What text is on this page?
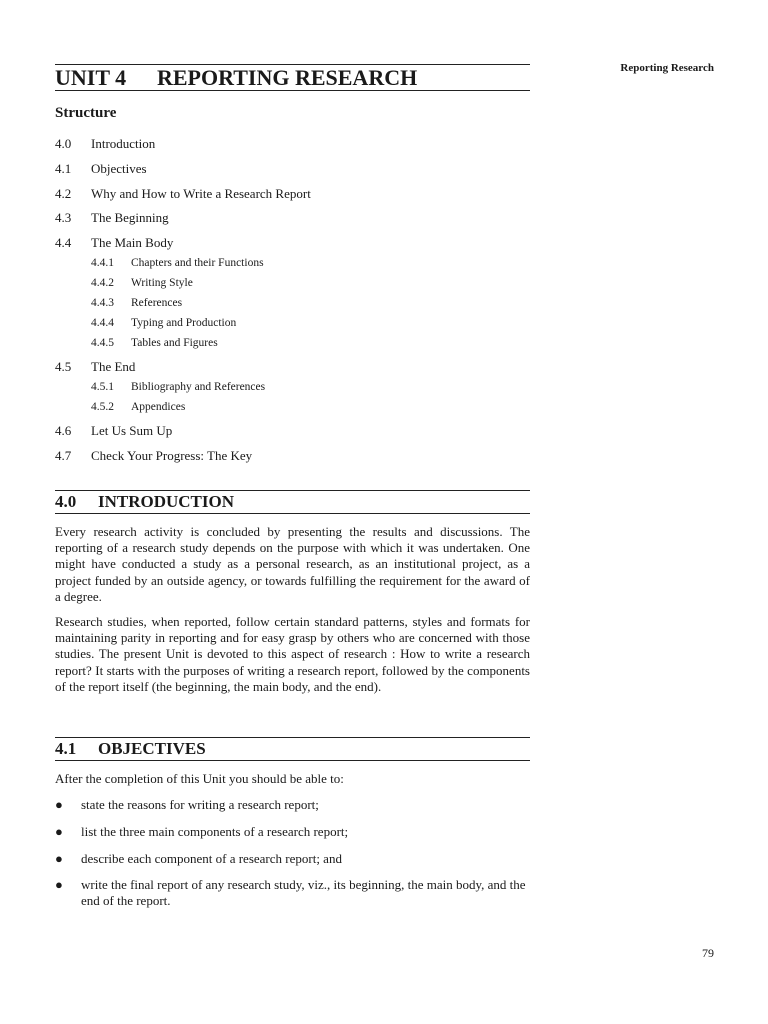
Reporting Research
UNIT 4 REPORTING RESEARCH
Structure
4.0 Introduction
4.1 Objectives
4.2 Why and How to Write a Research Report
4.3 The Beginning
4.4 The Main Body
4.4.1 Chapters and their Functions
4.4.2 Writing Style
4.4.3 References
4.4.4 Typing and Production
4.4.5 Tables and Figures
4.5 The End
4.5.1 Bibliography and References
4.5.2 Appendices
4.6 Let Us Sum Up
4.7 Check Your Progress: The Key
4.0 INTRODUCTION

Every research activity is concluded by presenting the results and discussions. The reporting of a research study depends on the purpose with which it was undertaken. One might have conducted a study as a personal research, as an institutional project, as a project funded by an outside agency, or towards fulfilling the requirement for the award of a degree.

Research studies, when reported, follow certain standard patterns, styles and formats for maintaining parity in reporting and for easy grasp by others who are concerned with those studies. The present Unit is devoted to this aspect of research : How to write a research report? It starts with the purposes of writing a research report, followed by the components of the report itself (the beginning, the main body, and the end).

4.1 OBJECTIVES

After the completion of this Unit you should be able to:

● state the reasons for writing a research report;
● list the three main components of a research report;
● describe each component of a research report; and
● write the final report of any research study, viz., its beginning, the main body, and the end of the report.
79
